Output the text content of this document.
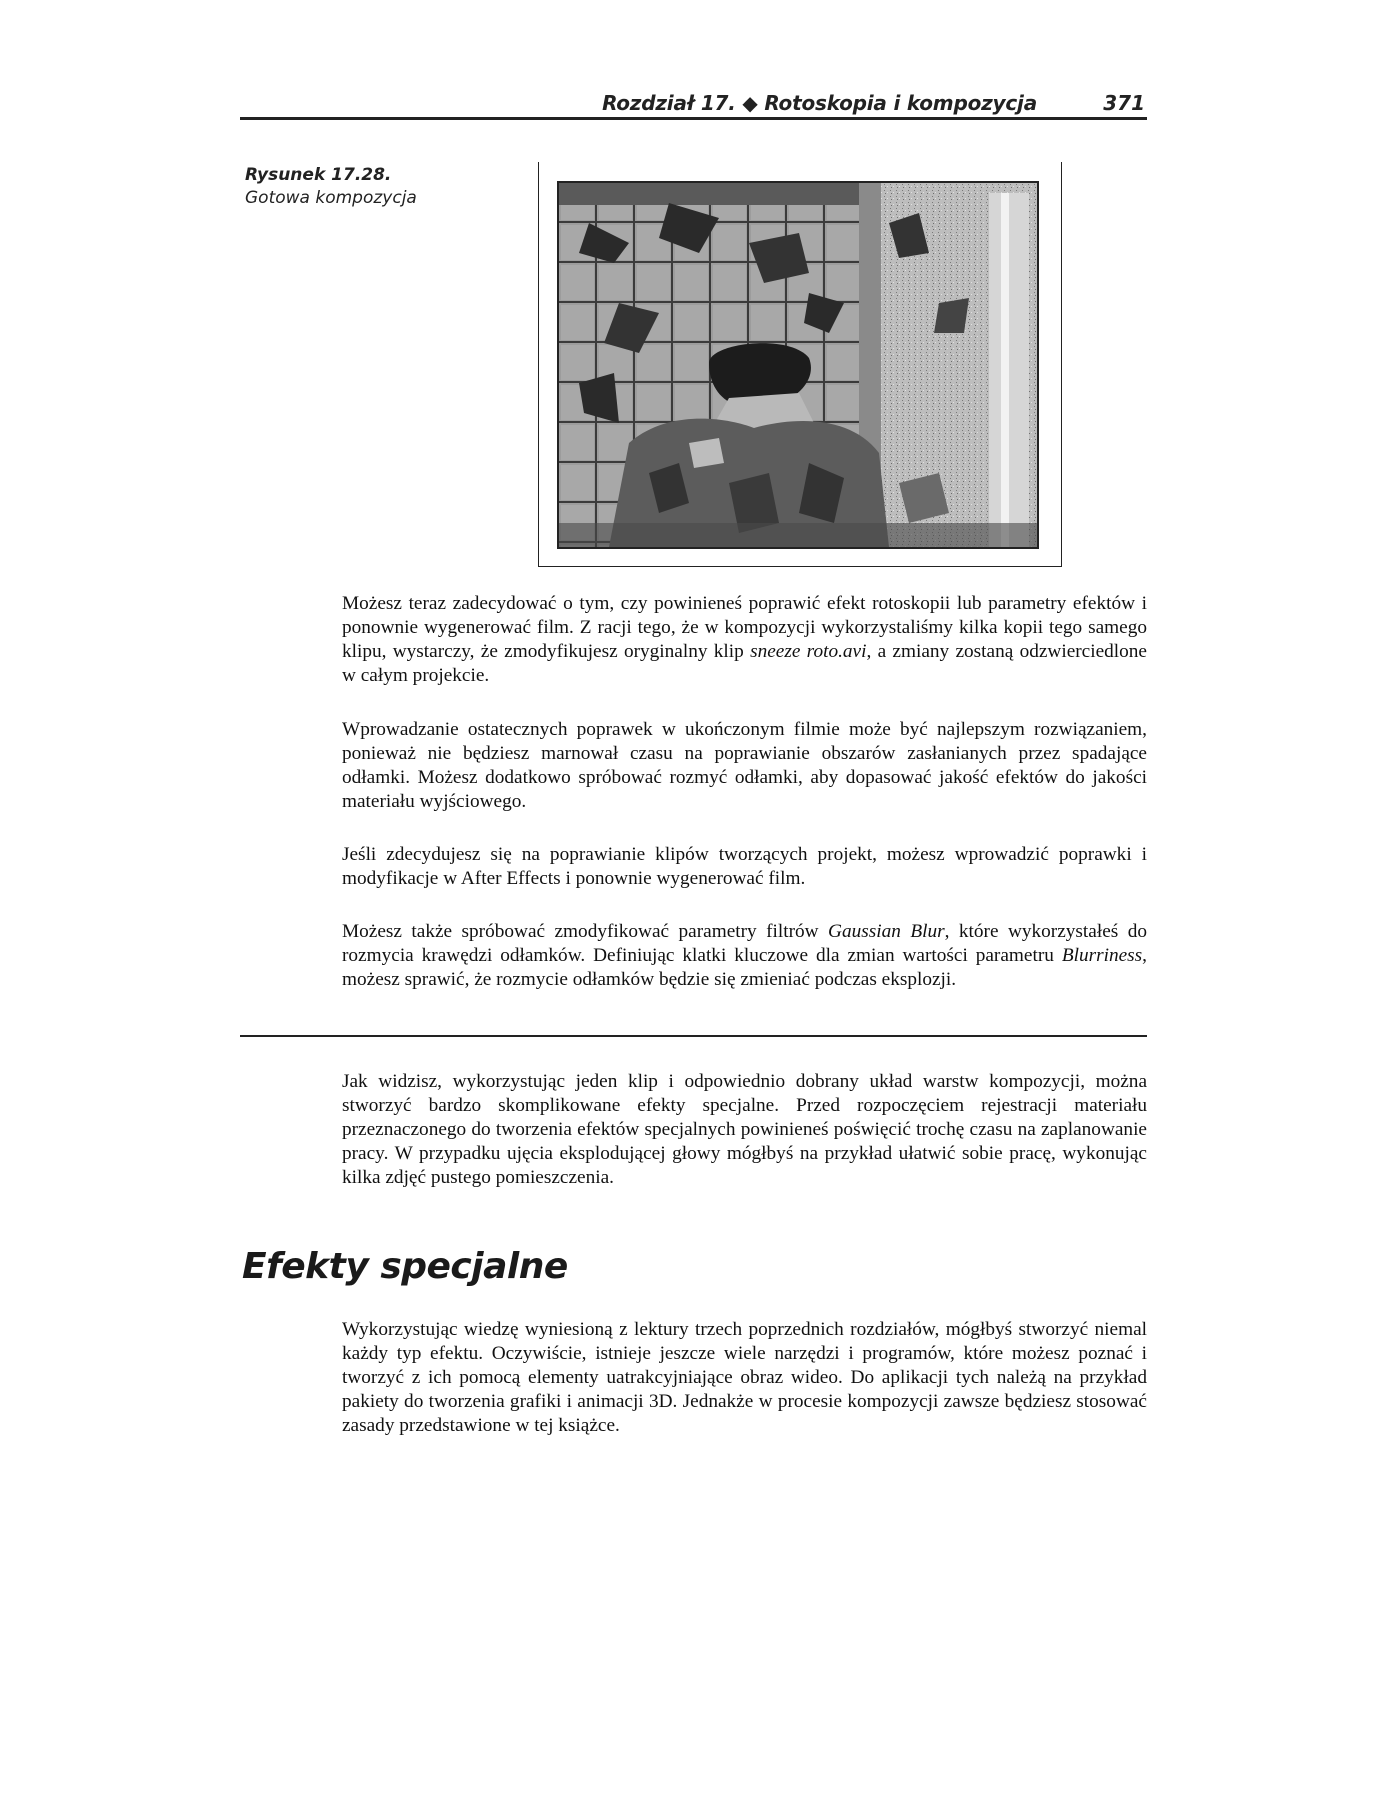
Rozdział 17. ◆ Rotoskopia i kompozycja	371
Rysunek 17.28.
Gotowa kompozycja

Możesz teraz zadecydować o tym, czy powinieneś poprawić efekt rotoskopii lub parametry efektów i ponownie wygenerować film. Z racji tego, że w kompozycji wykorzystaliśmy kilka kopii tego samego klipu, wystarczy, że zmodyfikujesz oryginalny klip sneeze roto.avi, a zmiany zostaną odzwierciedlone w całym projekcie.

Wprowadzanie ostatecznych poprawek w ukończonym filmie może być najlepszym rozwiązaniem, ponieważ nie będziesz marnował czasu na poprawianie obszarów zasłanianych przez spadające odłamki. Możesz dodatkowo spróbować rozmyć odłamki, aby dopasować jakość efektów do jakości materiału wyjściowego.

Jeśli zdecydujesz się na poprawianie klipów tworzących projekt, możesz wprowadzić poprawki i modyfikacje w After Effects i ponownie wygenerować film.

Możesz także spróbować zmodyfikować parametry filtrów Gaussian Blur, które wykorzystałeś do rozmycia krawędzi odłamków. Definiując klatki kluczowe dla zmian wartości parametru Blurriness, możesz sprawić, że rozmycie odłamków będzie się zmieniać podczas eksplozji.

Jak widzisz, wykorzystując jeden klip i odpowiednio dobrany układ warstw kompozycji, można stworzyć bardzo skomplikowane efekty specjalne. Przed rozpoczęciem rejestracji materiału przeznaczonego do tworzenia efektów specjalnych powinieneś poświęcić trochę czasu na zaplanowanie pracy. W przypadku ujęcia eksplodującej głowy mógłbyś na przykład ułatwić sobie pracę, wykonując kilka zdjęć pustego pomieszczenia.

Efekty specjalne

Wykorzystując wiedzę wyniesioną z lektury trzech poprzednich rozdziałów, mógłbyś stworzyć niemal każdy typ efektu. Oczywiście, istnieje jeszcze wiele narzędzi i programów, które możesz poznać i tworzyć z ich pomocą elementy uatrakcyjniające obraz wideo. Do aplikacji tych należą na przykład pakiety do tworzenia grafiki i animacji 3D. Jednakże w procesie kompozycji zawsze będziesz stosować zasady przedstawione w tej książce.
